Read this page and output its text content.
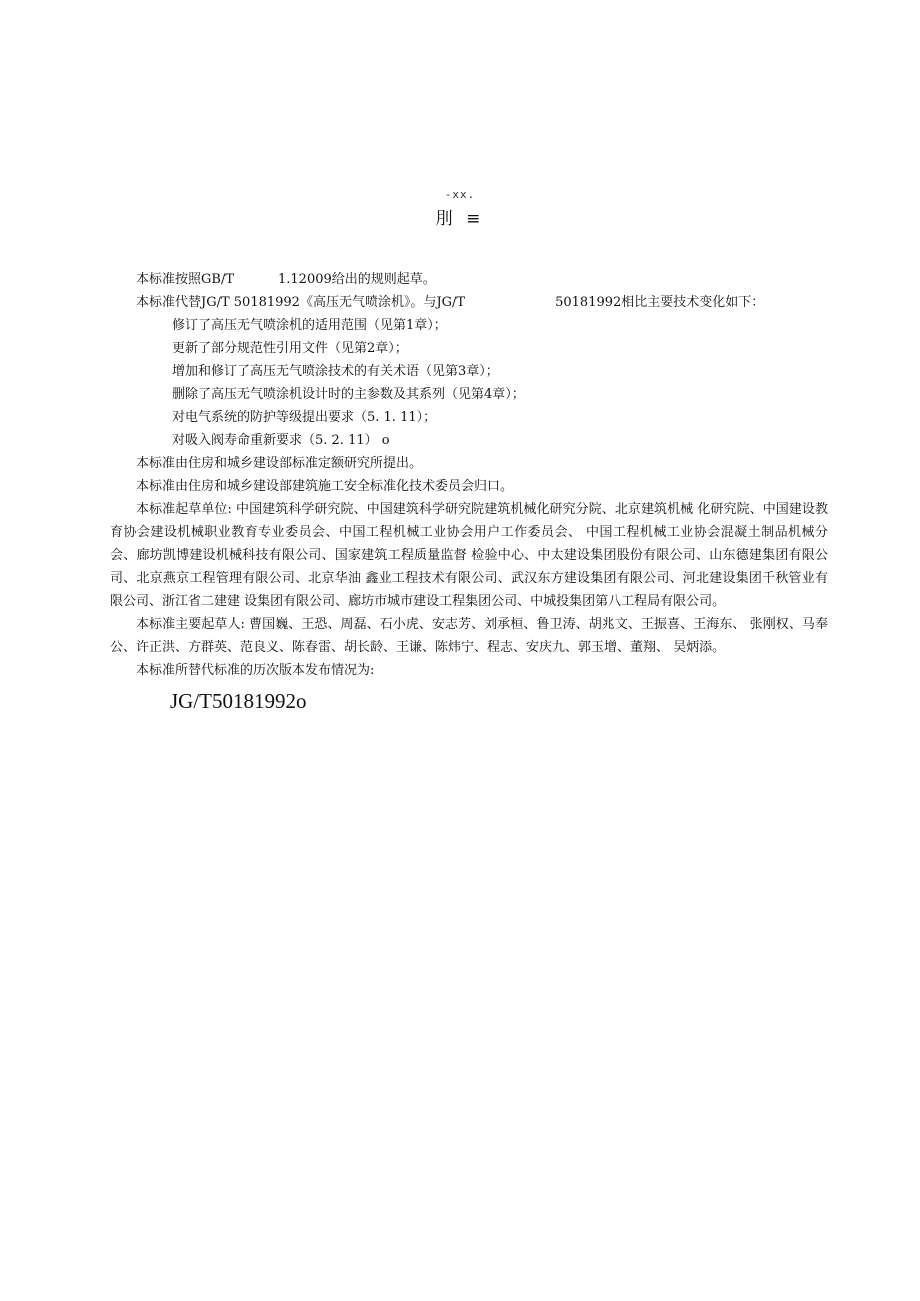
-xx.
刖 ≡

本标准按照GB/T	1.12009给出的规则起草。

本标准代替JG/T 50181992《高压无气喷涂机》。与JG/T	50181992相比主要技术变化如下：

修订了高压无气喷涂机的适用范围（见第1章）；

更新了部分规范性引用文件（见第2章）；

增加和修订了高压无气喷涂技术的有关术语（见第3章）；

删除了高压无气喷涂机设计时的主参数及其系列（见第4章）；

对电气系统的防护等级提出要求（5. 1. 11）；

对吸入阀寿命重新要求（5. 2. 11） o

本标准由住房和城乡建设部标准定额研究所提出。

本标准由住房和城乡建设部建筑施工安全标准化技术委员会归口。

本标准起草单位: 中国建筑科学研究院、中国建筑科学研究院建筑机械化研究分院、北京建筑机械 化研究院、中国建设教育协会建设机械职业教育专业委员会、中国工程机械工业协会用户工作委员会、 中国工程机械工业协会混凝土制品机械分会、廊坊凯博建设机械科技有限公司、国家建筑工程质量监督 检验中心、中太建设集团股份有限公司、山东德建集团有限公司、北京燕京工程管理有限公司、北京华油 鑫业工程技术有限公司、武汉东方建设集团有限公司、河北建设集团千秋管业有限公司、浙江省二建建 设集团有限公司、廊坊市城市建设工程集团公司、中城投集团第八工程局有限公司。

本标准主要起草人: 曹国巍、王恐、周磊、石小虎、安志芳、刘承桓、鲁卫涛、胡兆文、王振喜、王海东、 张刚权、马奉公、许正洪、方群英、范良义、陈春雷、胡长龄、王谦、陈炜宁、程志、安庆九、郭玉增、董翔、 吴炳添。

本标准所替代标准的历次版本发布情况为:

JG/T50181992o
